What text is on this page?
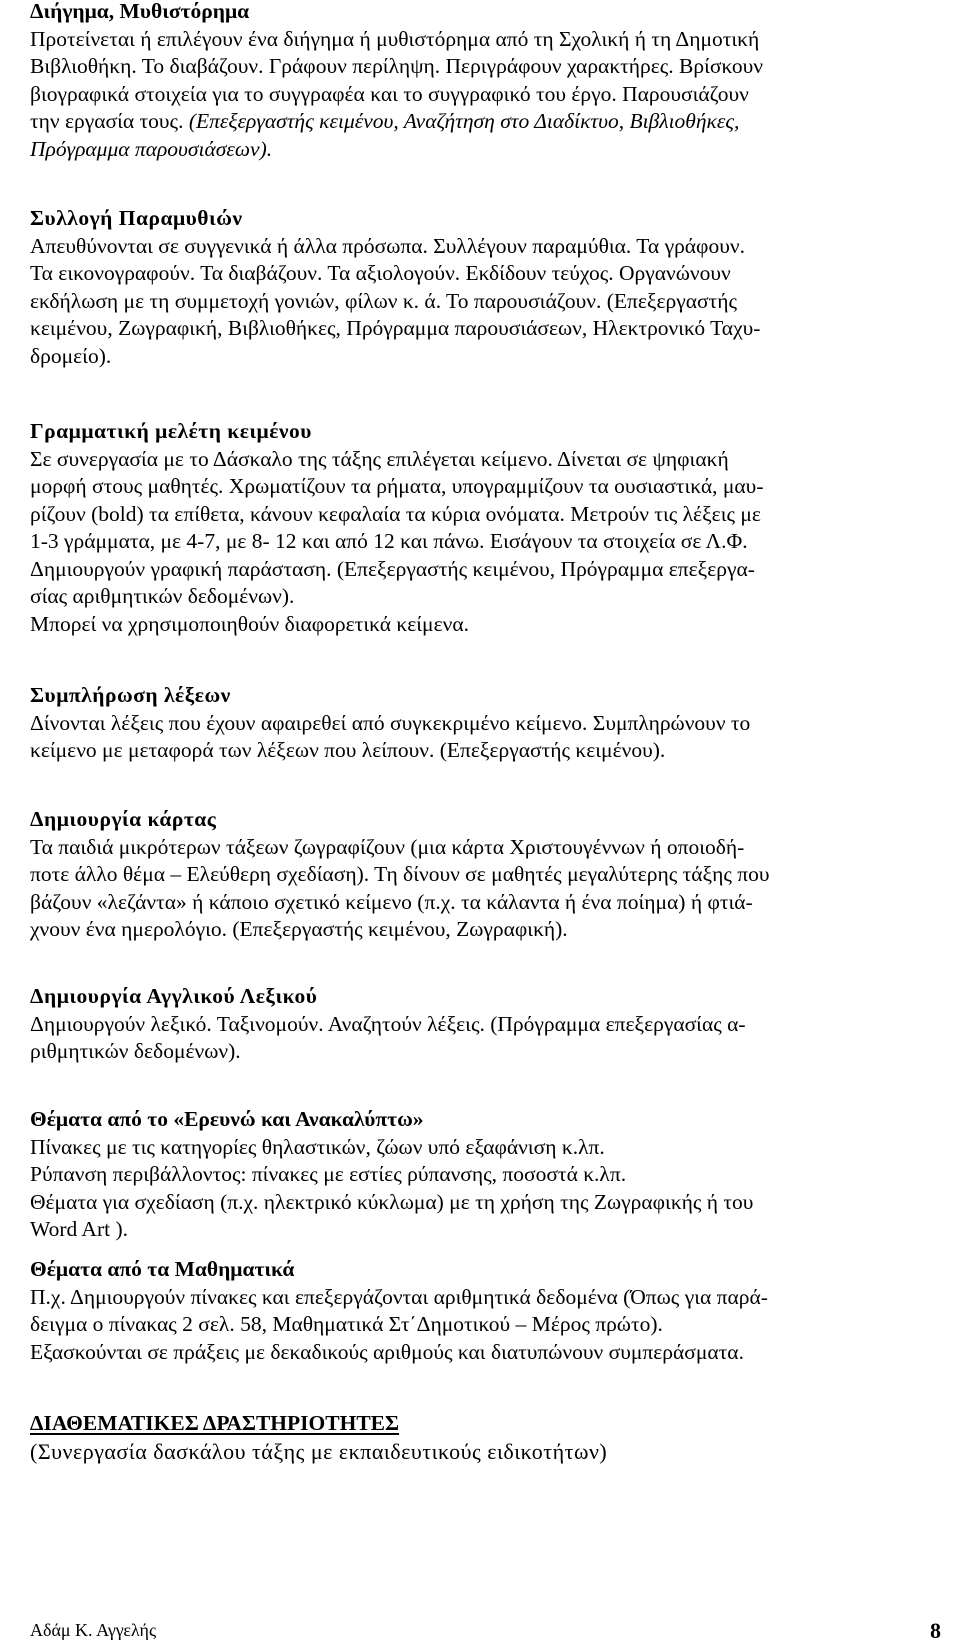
Διήγημα, Μυθιστόρημα
Προτείνεται ή επιλέγουν ένα διήγημα ή μυθιστόρημα από τη Σχολική ή τη Δημοτική
Βιβλιοθήκη. Το διαβάζουν. Γράφουν περίληψη. Περιγράφουν χαρακτήρες. Βρίσκουν
βιογραφικά στοιχεία για το συγγραφέα και το συγγραφικό του έργο. Παρουσιάζουν
την εργασία τους. (Επεξεργαστής κειμένου, Αναζήτηση στο Διαδίκτυο, Βιβλιοθήκες,
Πρόγραμμα παρουσιάσεων).
Συλλογή Παραμυθιών
Απευθύνονται σε συγγενικά ή άλλα πρόσωπα. Συλλέγουν παραμύθια. Τα γράφουν.
Τα εικονογραφούν. Τα διαβάζουν. Τα αξιολογούν. Εκδίδουν τεύχος. Οργανώνουν
εκδήλωση με τη συμμετοχή γονιών, φίλων κ. ά. Το παρουσιάζουν. (Επεξεργαστής
κειμένου, Ζωγραφική, Βιβλιοθήκες, Πρόγραμμα παρουσιάσεων, Ηλεκτρονικό Ταχυ-
δρομείο).
Γραμματική μελέτη κειμένου
Σε συνεργασία με το Δάσκαλο της τάξης επιλέγεται κείμενο. Δίνεται σε ψηφιακή
μορφή στους μαθητές. Χρωματίζουν τα ρήματα, υπογραμμίζουν τα ουσιαστικά, μαυ-
ρίζουν (bold) τα επίθετα, κάνουν κεφαλαία τα κύρια ονόματα. Μετρούν τις λέξεις με
1-3 γράμματα, με 4-7, με 8- 12 και από 12 και πάνω. Εισάγουν τα στοιχεία σε Λ.Φ.
Δημιουργούν γραφική παράσταση. (Επεξεργαστής κειμένου, Πρόγραμμα επεξεργα-
σίας αριθμητικών δεδομένων).
Μπορεί να χρησιμοποιηθούν διαφορετικά κείμενα.
Συμπλήρωση λέξεων
Δίνονται λέξεις που έχουν αφαιρεθεί από συγκεκριμένο κείμενο. Συμπληρώνουν το
κείμενο με μεταφορά των λέξεων που λείπουν. (Επεξεργαστής κειμένου).
Δημιουργία κάρτας
Τα παιδιά μικρότερων τάξεων ζωγραφίζουν (μια κάρτα Χριστουγέννων ή οποιοδή-
ποτε άλλο θέμα – Ελεύθερη σχεδίαση). Τη δίνουν σε μαθητές μεγαλύτερης τάξης που
βάζουν «λεζάντα» ή κάποιο σχετικό κείμενο (π.χ. τα κάλαντα ή ένα ποίημα) ή φτιά-
χνουν ένα ημερολόγιο. (Επεξεργαστής κειμένου, Ζωγραφική).
Δημιουργία Αγγλικού Λεξικού
Δημιουργούν λεξικό. Ταξινομούν. Αναζητούν λέξεις. (Πρόγραμμα επεξεργασίας α-
ριθμητικών δεδομένων).
Θέματα από το «Ερευνώ και Ανακαλύπτω»
Πίνακες με τις κατηγορίες θηλαστικών, ζώων υπό εξαφάνιση κ.λπ.
Ρύπανση περιβάλλοντος: πίνακες με εστίες ρύπανσης, ποσοστά κ.λπ.
Θέματα για σχεδίαση (π.χ. ηλεκτρικό κύκλωμα) με τη χρήση της Ζωγραφικής ή του
Word Art ).
Θέματα από τα Μαθηματικά
Π.χ. Δημιουργούν πίνακες και επεξεργάζονται αριθμητικά δεδομένα (Όπως για παρά-
δειγμα ο πίνακας 2 σελ. 58, Μαθηματικά Στ΄Δημοτικού – Μέρος πρώτο).
Εξασκούνται σε πράξεις με δεκαδικούς αριθμούς και διατυπώνουν συμπεράσματα.
ΔΙΑΘΕΜΑΤΙΚΕΣ ΔΡΑΣΤΗΡΙΟΤΗΤΕΣ
(Συνεργασία δασκάλου τάξης με εκπαιδευτικούς ειδικοτήτων)
Αδάμ Κ. Αγγελής	8
